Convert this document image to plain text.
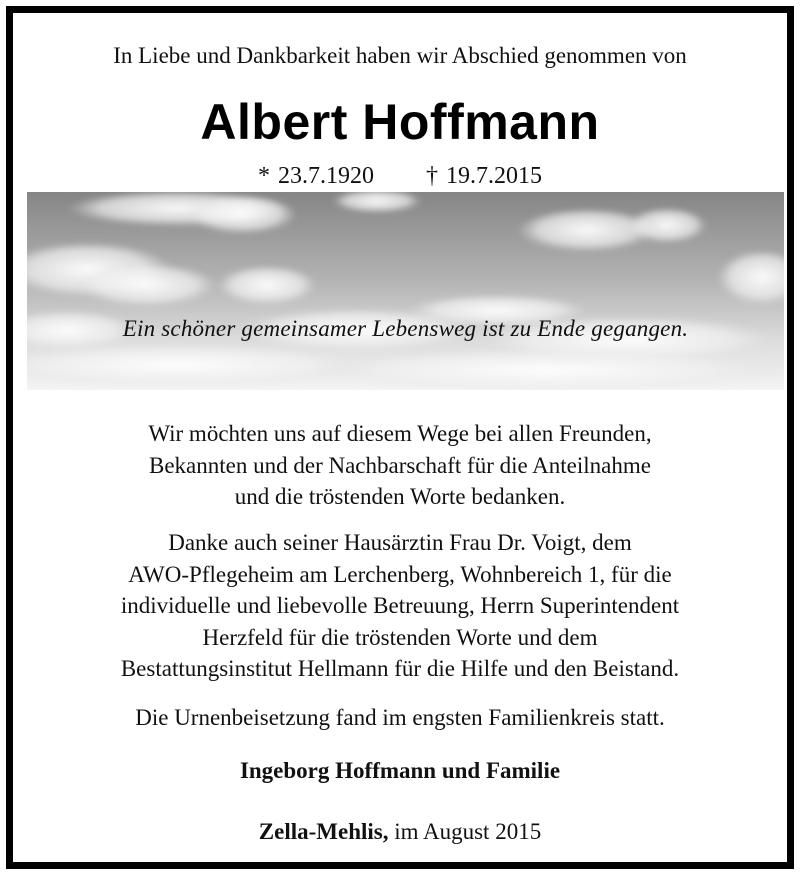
In Liebe und Dankbarkeit haben wir Abschied genommen von
Albert Hoffmann
* 23.7.1920 † 19.7.2015
Ein schöner gemeinsamer Lebensweg ist zu Ende gegangen.
Wir möchten uns auf diesem Wege bei allen Freunden,
Bekannten und der Nachbarschaft für die Anteilnahme
und die tröstenden Worte bedanken.
Danke auch seiner Hausärztin Frau Dr. Voigt, dem
AWO-Pflegeheim am Lerchenberg, Wohnbereich 1, für die
individuelle und liebevolle Betreuung, Herrn Superintendent
Herzfeld für die tröstenden Worte und dem
Bestattungsinstitut Hellmann für die Hilfe und den Beistand.
Die Urnenbeisetzung fand im engsten Familienkreis statt.
Ingeborg Hoffmann und Familie
Zella-Mehlis, im August 2015
